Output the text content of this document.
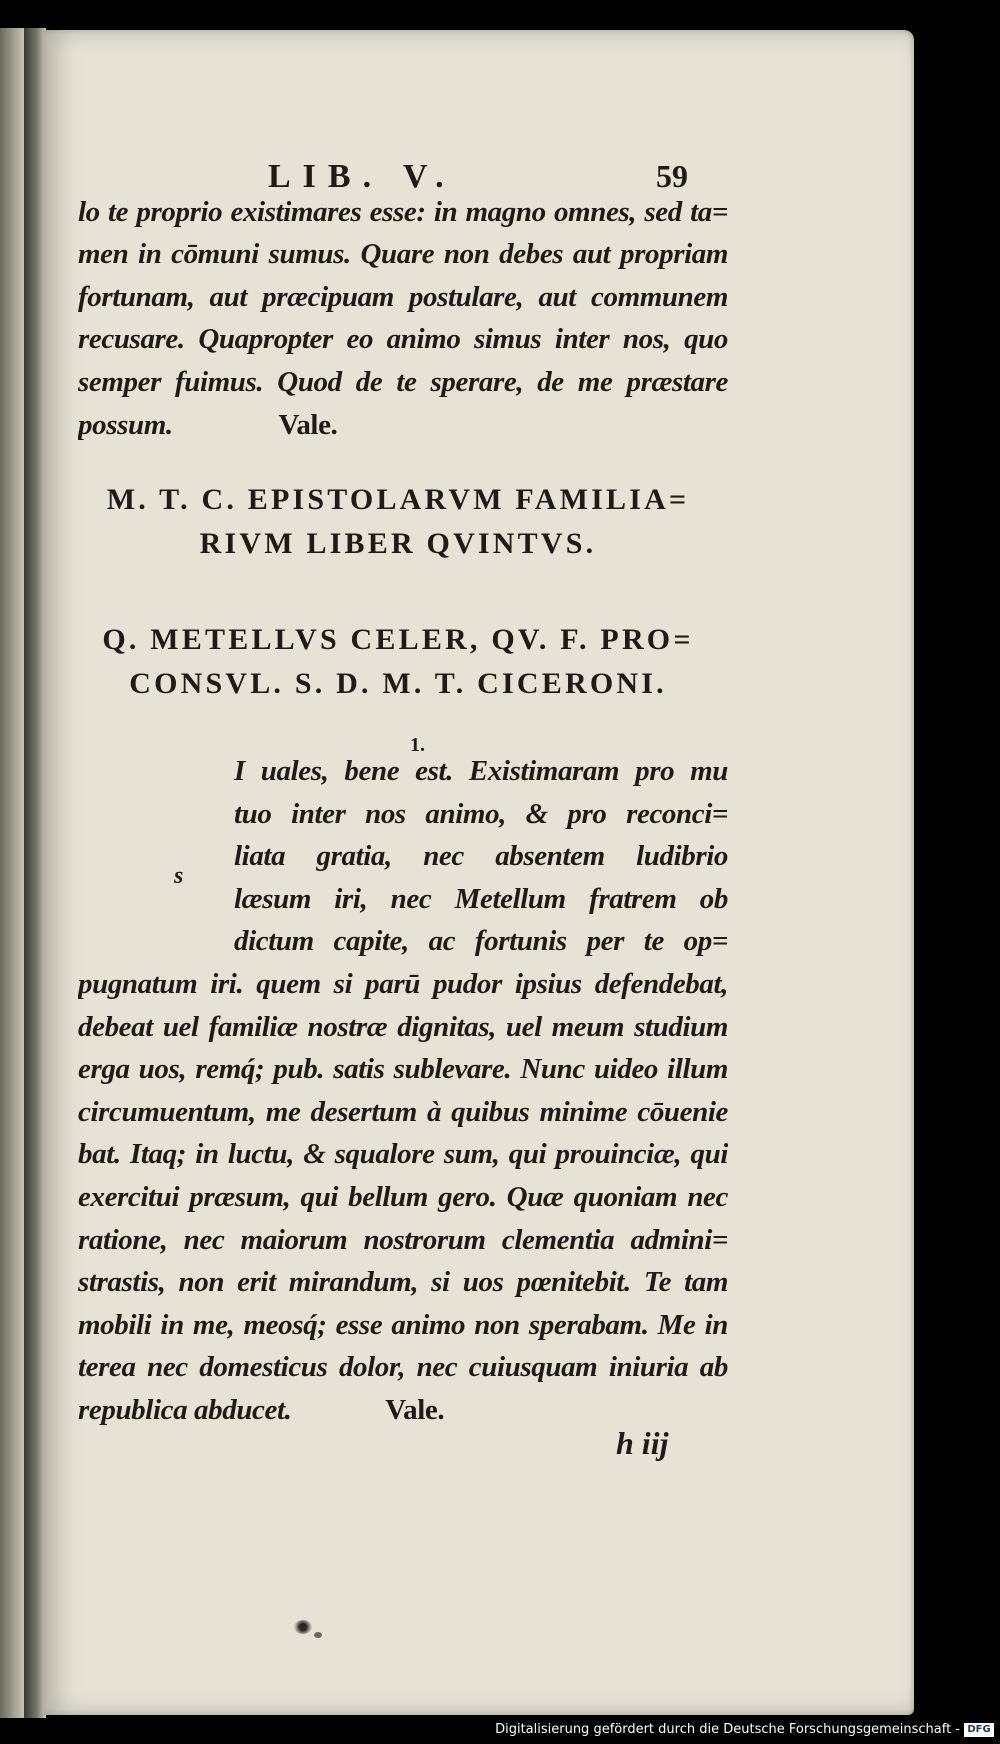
LIB. V.	59
lo te proprio existimares esse: in magno omnes, sed ta=
men in cōmuni sumus. Quare non debes aut propriam
fortunam, aut præcipuam postulare, aut communem
recusare. Quapropter eo animo simus inter nos, quo
semper fuimus. Quod de te sperare, de me præstare
possum.	Vale.
M. T. C. EPISTOLARVM FAMILIA=
RIVM LIBER QVINTVS.
Q. METELLVS CELER, QV. F. PRO=
CONSVL. S. D. M. T. CICERONI.
1.
s
I uales, bene est. Existimaram pro mu
tuo inter nos animo, & pro reconci=
liata gratia, nec absentem ludibrio
læsum iri, nec Metellum fratrem ob
dictum capite, ac fortunis per te op=
pugnatum iri. quem si parū pudor ipsius defendebat,
debeat uel familiæ nostræ dignitas, uel meum studium
erga uos, remq́; pub. satis sublevare. Nunc uideo illum
circumuentum, me desertum à quibus minime cōuenie
bat. Itaq; in luctu, & squalore sum, qui prouinciæ, qui
exercitui præsum, qui bellum gero. Quæ quoniam nec
ratione, nec maiorum nostrorum clementia admini=
strastis, non erit mirandum, si uos pœnitebit. Te tam
mobili in me, meosq́; esse animo non sperabam. Me in
terea nec domesticus dolor, nec cuiusquam iniuria ab
republica abducet.	Vale.
h iij
Digitalisierung gefördert durch die Deutsche Forschungsgemeinschaft - DFG
